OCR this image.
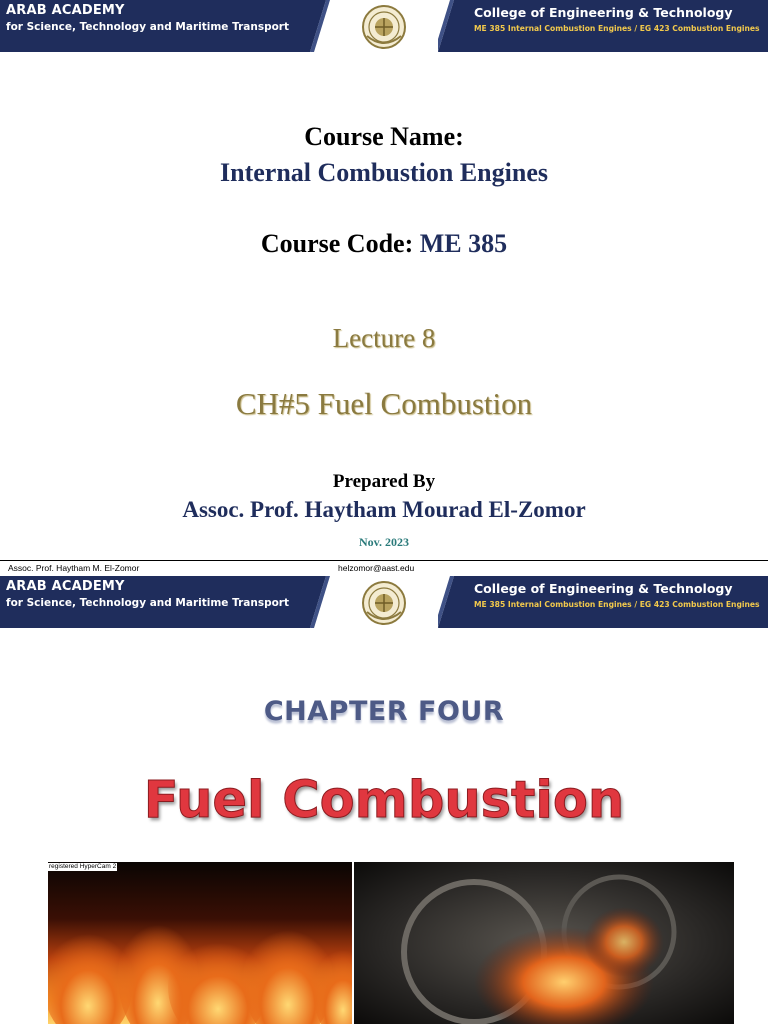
ARAB ACADEMY
for Science, Technology and Maritime Transport
College of Engineering & Technology
ME 385 Internal Combustion Engines / EG 423 Combustion Engines
Course Name:
Internal Combustion Engines
Course Code: ME 385
Lecture 8
CH#5 Fuel Combustion
Prepared By
Assoc. Prof. Haytham Mourad El-Zomor
Nov. 2023
Assoc. Prof. Haytham M. El-Zomor	helzomor@aast.edu
ARAB ACADEMY
for Science, Technology and Maritime Transport
College of Engineering & Technology
ME 385 Internal Combustion Engines / EG 423 Combustion Engines
CHAPTER FOUR
Fuel Combustion
registered HyperCam 2
